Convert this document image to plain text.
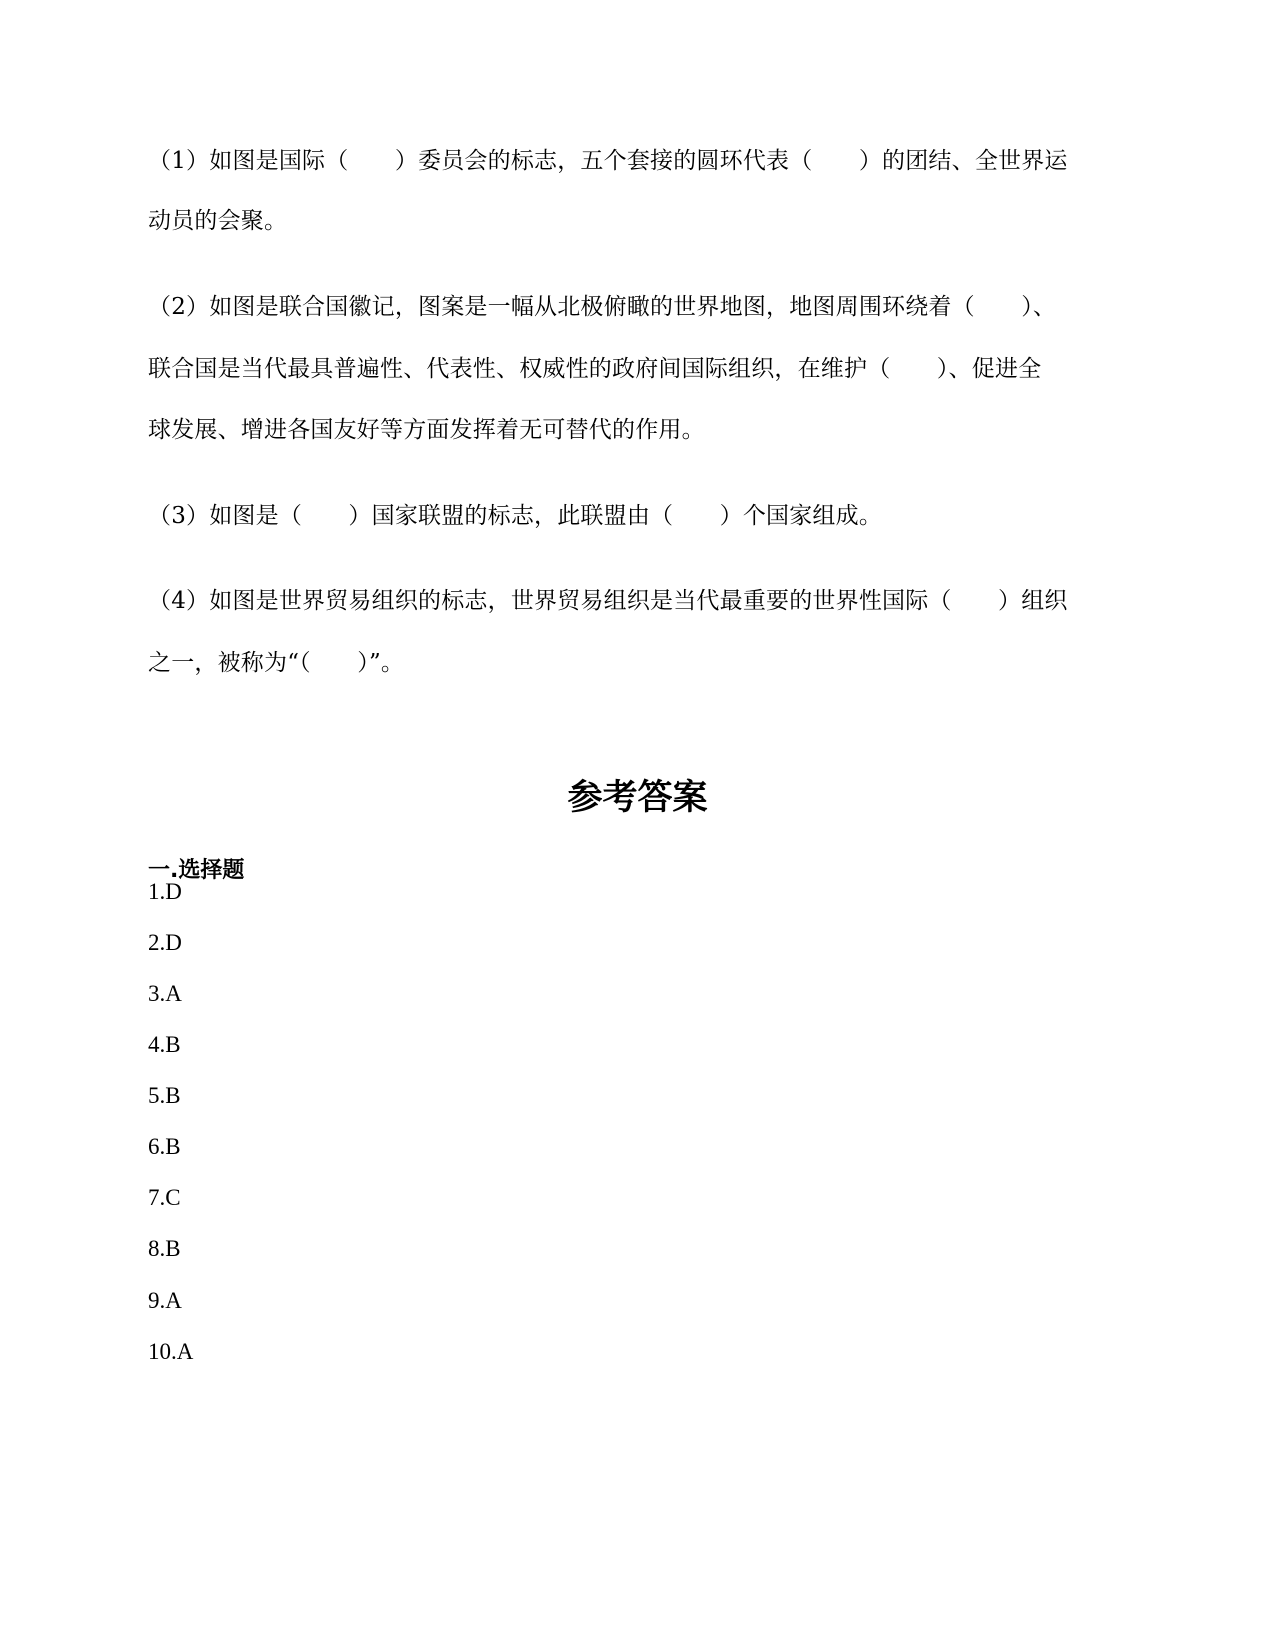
（1）如图是国际（　　）委员会的标志，五个套接的圆环代表（　　）的团结、全世界运
动员的会聚。
（2）如图是联合国徽记，图案是一幅从北极俯瞰的世界地图，地图周围环绕着（　　）、
联合国是当代最具普遍性、代表性、权威性的政府间国际组织，在维护（　　）、促进全
球发展、增进各国友好等方面发挥着无可替代的作用。
（3）如图是（　　）国家联盟的标志，此联盟由（　　）个国家组成。
（4）如图是世界贸易组织的标志，世界贸易组织是当代最重要的世界性国际（　　）组织
之一，被称为“（　　）”。
参考答案
一.选择题
1.D
2.D
3.A
4.B
5.B
6.B
7.C
8.B
9.A
10.A
